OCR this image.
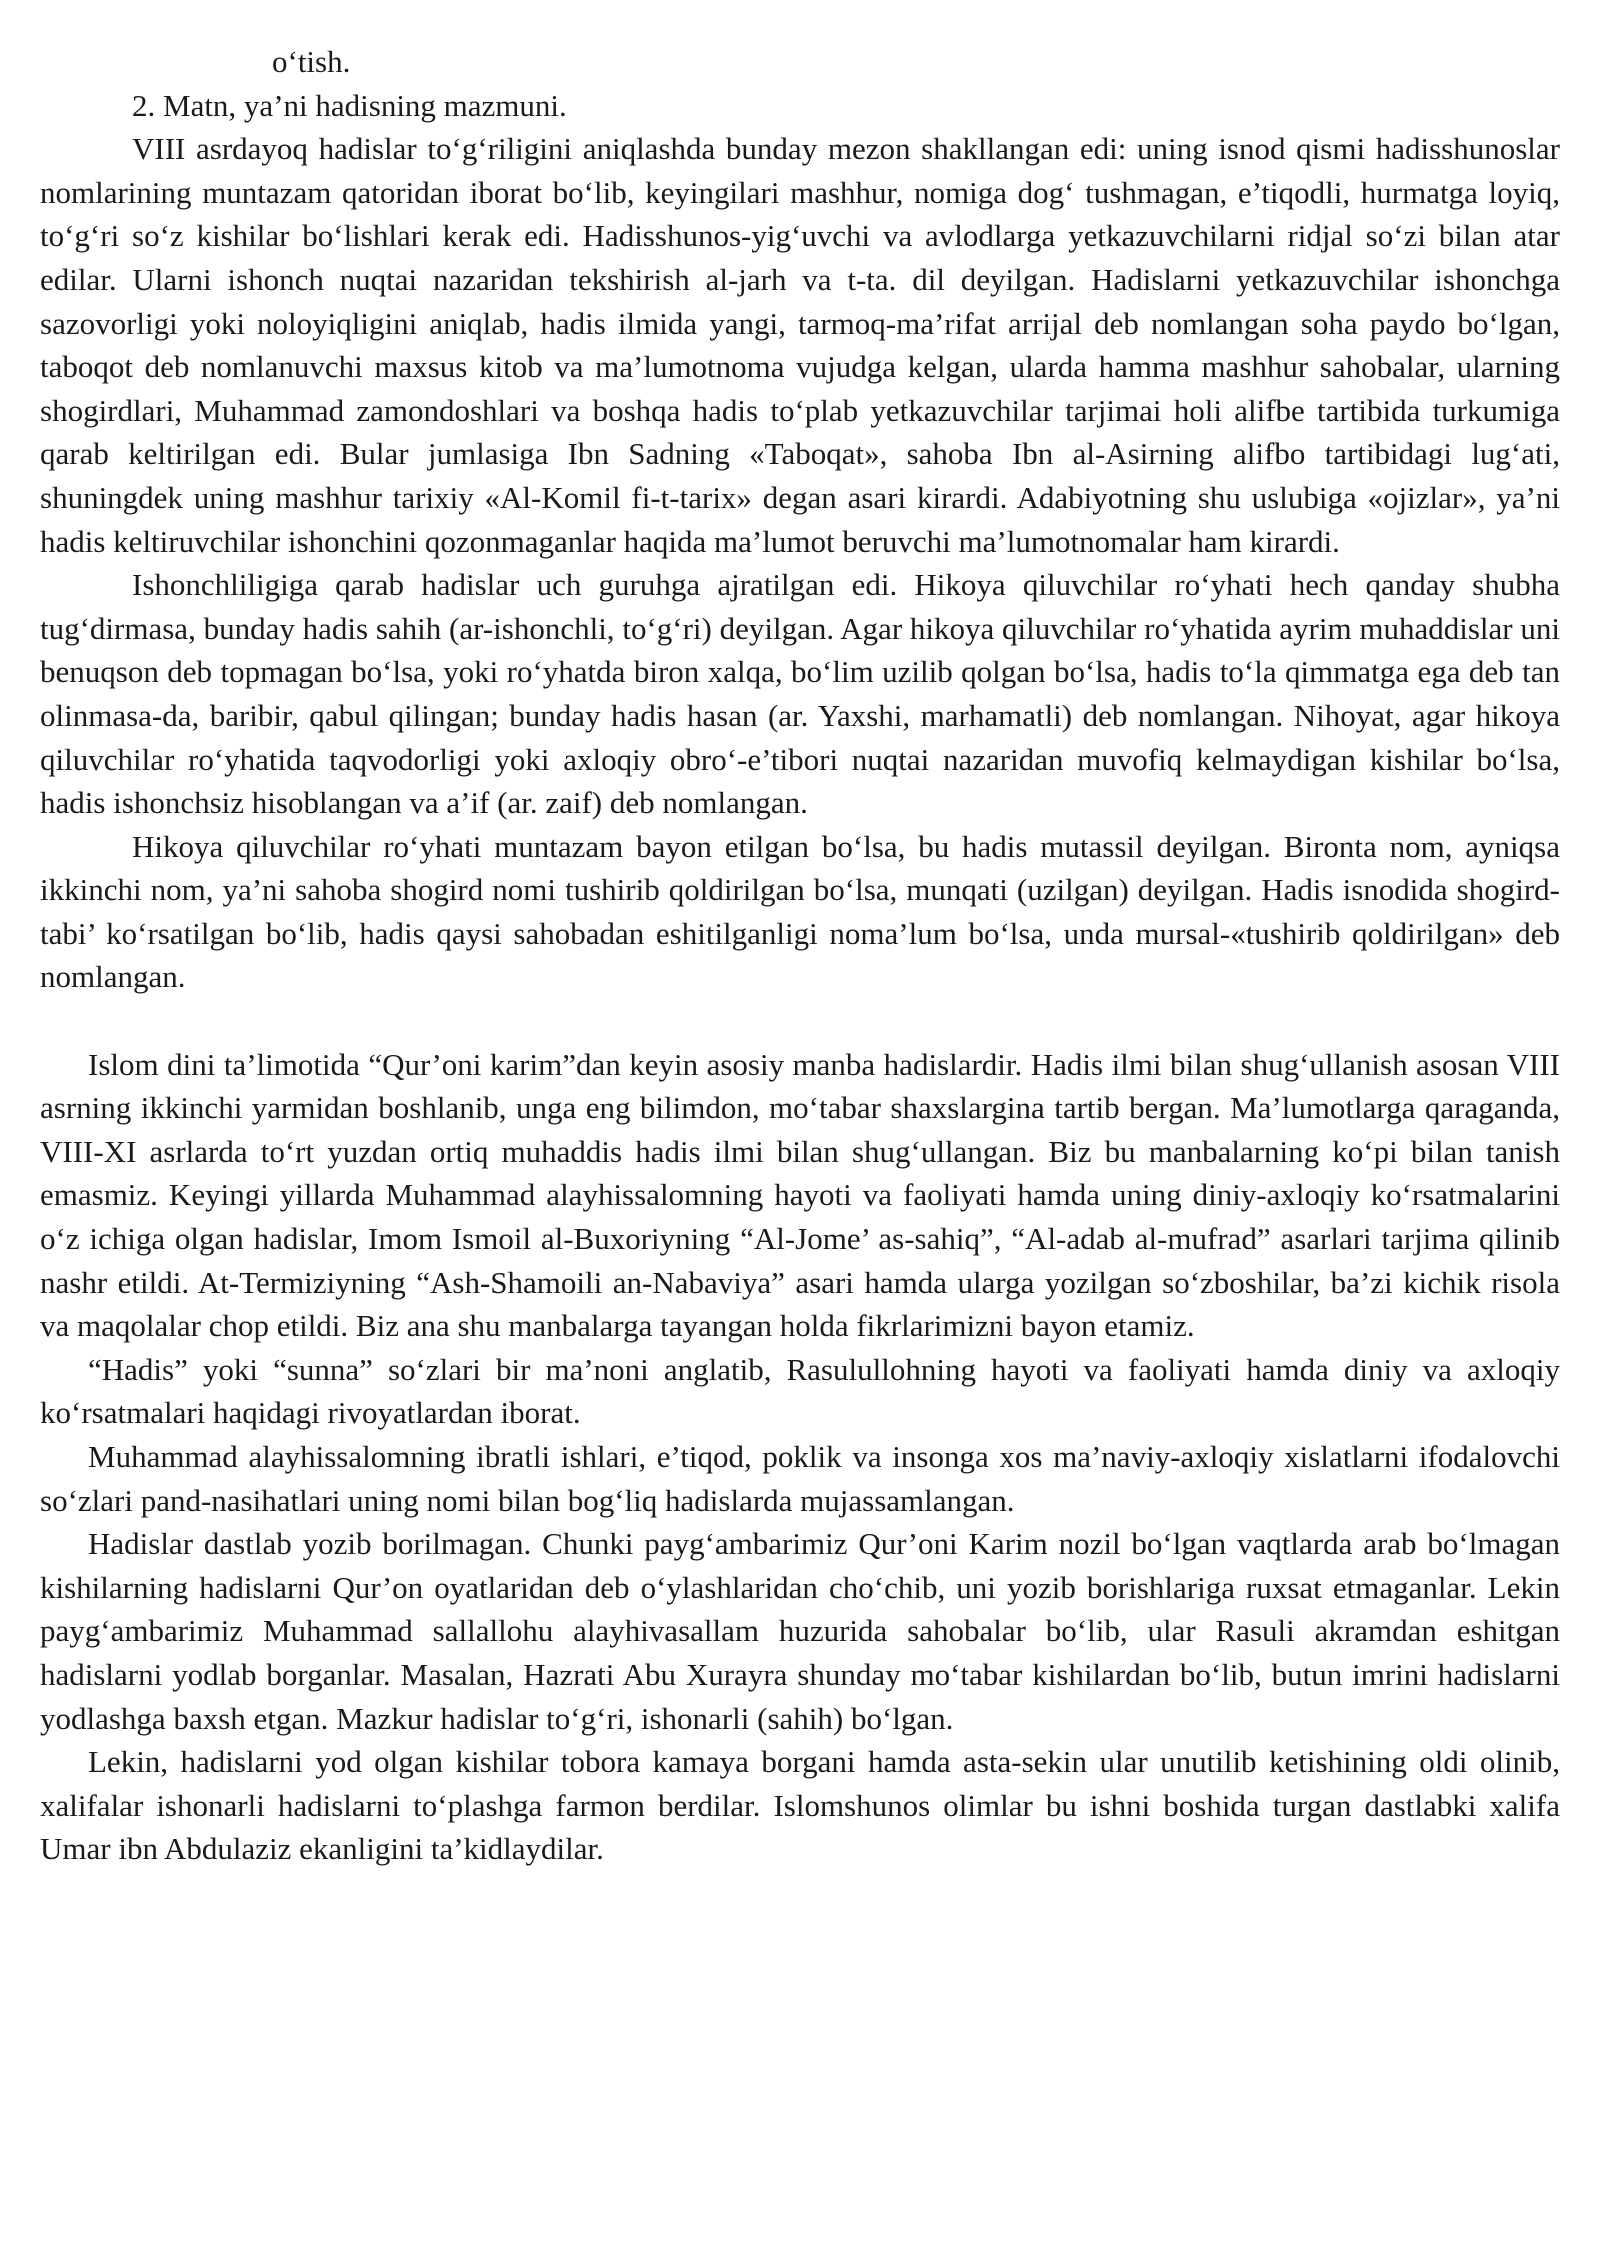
o‘tish.

2. Matn, ya’ni hadisning mazmuni.

VIII asrdayoq hadislar to‘g‘riligini aniqlashda bunday mezon shakllangan edi: uning isnod qismi hadisshunoslar nomlarining muntazam qatoridan iborat bo‘lib, keyingilari mashhur, nomiga dog‘ tushmagan, e’tiqodli, hurmatga loyiq, to‘g‘ri so‘z kishilar bo‘lishlari kerak edi. Hadisshunos-yig‘uvchi va avlodlarga yetkazuvchilarni ridjal so‘zi bilan atar edilar. Ularni ishonch nuqtai nazaridan tekshirish al-jarh va t-ta. dil deyilgan. Hadislarni yetkazuvchilar ishonchga sazovorligi yoki noloyiqligini aniqlab, hadis ilmida yangi, tarmoq-ma’rifat arrijal deb nomlangan soha paydo bo‘lgan, taboqot deb nomlanuvchi maxsus kitob va ma’lumotnoma vujudga kelgan, ularda hamma mashhur sahobalar, ularning shogirdlari, Muhammad zamondoshlari va boshqa hadis to‘plab yetkazuvchilar tarjimai holi alifbe tartibida turkumiga qarab keltirilgan edi. Bular jumlasiga Ibn Sadning «Taboqat», sahoba Ibn al-Asirning alifbo tartibidagi lug‘ati, shuningdek uning mashhur tarixiy «Al-Komil fi-t-tarix» degan asari kirardi. Adabiyotning shu uslubiga «ojizlar», ya’ni hadis keltiruvchilar ishonchini qozonmaganlar haqida ma’lumot beruvchi ma’lumotnomalar ham kirardi.

Ishonchliligiga qarab hadislar uch guruhga ajratilgan edi. Hikoya qiluvchilar ro‘yhati hech qanday shubha tug‘dirmasa, bunday hadis sahih (ar-ishonchli, to‘g‘ri) deyilgan. Agar hikoya qiluvchilar ro‘yhatida ayrim muhaddislar uni benuqson deb topmagan bo‘lsa, yoki ro‘yhatda biron xalqa, bo‘lim uzilib qolgan bo‘lsa, hadis to‘la qimmatga ega deb tan olinmasa-da, baribir, qabul qilingan; bunday hadis hasan (ar. Yaxshi, marhamatli) deb nomlangan. Nihoyat, agar hikoya qiluvchilar ro‘yhatida taqvodorligi yoki axloqiy obro‘-e’tibori nuqtai nazaridan muvofiq kelmaydigan kishilar bo‘lsa, hadis ishonchsiz hisoblangan va a’if (ar. zaif) deb nomlangan.

Hikoya qiluvchilar ro‘yhati muntazam bayon etilgan bo‘lsa, bu hadis mutassil deyilgan. Bironta nom, ayniqsa ikkinchi nom, ya’ni sahoba shogird nomi tushirib qoldirilgan bo‘lsa, munqati (uzilgan) deyilgan. Hadis isnodida shogird-tabi’ ko‘rsatilgan bo‘lib, hadis qaysi sahobadan eshitilganligi noma’lum bo‘lsa, unda mursal-«tushirib qoldirilgan» deb nomlangan.

Islom dini ta’limotida “Qur’oni karim”dan keyin asosiy manba hadislardir. Hadis ilmi bilan shug‘ullanish asosan VIII asrning ikkinchi yarmidan boshlanib, unga eng bilimdon, mo‘tabar shaxslargina tartib bergan. Ma’lumotlarga qaraganda, VIII-XI asrlarda to‘rt yuzdan ortiq muhaddis hadis ilmi bilan shug‘ullangan. Biz bu manbalarning ko‘pi bilan tanish emasmiz. Keyingi yillarda Muhammad alayhissalomning hayoti va faoliyati hamda uning diniy-axloqiy ko‘rsatmalarini o‘z ichiga olgan hadislar, Imom Ismoil al-Buxoriyning “Al-Jome’ as-sahiq”, “Al-adab al-mufrad” asarlari tarjima qilinib nashr etildi. At-Termiziyning “Ash-Shamoili an-Nabaviya” asari hamda ularga yozilgan so‘zboshilar, ba’zi kichik risola va maqolalar chop etildi. Biz ana shu manbalarga tayangan holda fikrlarimizni bayon etamiz.

“Hadis” yoki “sunna” so‘zlari bir ma’noni anglatib, Rasulullohning hayoti va faoliyati hamda diniy va axloqiy ko‘rsatmalari haqidagi rivoyatlardan iborat.

Muhammad alayhissalomning ibratli ishlari, e’tiqod, poklik va insonga xos ma’naviy-axloqiy xislatlarni ifodalovchi so‘zlari pand-nasihatlari uning nomi bilan bog‘liq hadislarda mujassamlangan.

Hadislar dastlab yozib borilmagan. Chunki payg‘ambarimiz Qur’oni Karim nozil bo‘lgan vaqtlarda arab bo‘lmagan kishilarning hadislarni Qur’on oyatlaridan deb o‘ylashlaridan cho‘chib, uni yozib borishlariga ruxsat etmaganlar. Lekin payg‘ambarimiz Muhammad sallallohu alayhivasallam huzurida sahobalar bo‘lib, ular Rasuli akramdan eshitgan hadislarni yodlab borganlar. Masalan, Hazrati Abu Xurayra shunday mo‘tabar kishilardan bo‘lib, butun imrini hadislarni yodlashga baxsh etgan. Mazkur hadislar to‘g‘ri, ishonarli (sahih) bo‘lgan.

Lekin, hadislarni yod olgan kishilar tobora kamaya borgani hamda asta-sekin ular unutilib ketishining oldi olinib, xalifalar ishonarli hadislarni to‘plashga farmon berdilar. Islomshunos olimlar bu ishni boshida turgan dastlabki xalifa Umar ibn Abdulaziz ekanligini ta’kidlaydilar.
